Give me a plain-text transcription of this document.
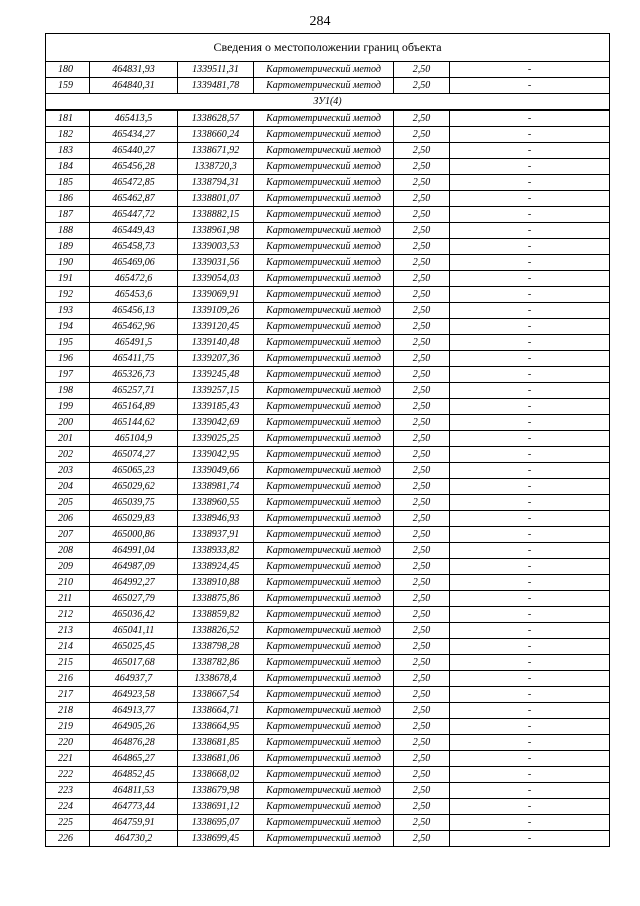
284
Сведения о местоположении границ объекта					
180	464831,93	1339511,31	Картометрический метод	2,50	-
159	464840,31	1339481,78	Картометрический метод	2,50	-
ЗУ1(4)					
181	465413,5	1338628,57	Картометрический метод	2,50	-
182	465434,27	1338660,24	Картометрический метод	2,50	-
183	465440,27	1338671,92	Картометрический метод	2,50	-
184	465456,28	1338720,3	Картометрический метод	2,50	-
185	465472,85	1338794,31	Картометрический метод	2,50	-
186	465462,87	1338801,07	Картометрический метод	2,50	-
187	465447,72	1338882,15	Картометрический метод	2,50	-
188	465449,43	1338961,98	Картометрический метод	2,50	-
189	465458,73	1339003,53	Картометрический метод	2,50	-
190	465469,06	1339031,56	Картометрический метод	2,50	-
191	465472,6	1339054,03	Картометрический метод	2,50	-
192	465453,6	1339069,91	Картометрический метод	2,50	-
193	465456,13	1339109,26	Картометрический метод	2,50	-
194	465462,96	1339120,45	Картометрический метод	2,50	-
195	465491,5	1339140,48	Картометрический метод	2,50	-
196	465411,75	1339207,36	Картометрический метод	2,50	-
197	465326,73	1339245,48	Картометрический метод	2,50	-
198	465257,71	1339257,15	Картометрический метод	2,50	-
199	465164,89	1339185,43	Картометрический метод	2,50	-
200	465144,62	1339042,69	Картометрический метод	2,50	-
201	465104,9	1339025,25	Картометрический метод	2,50	-
202	465074,27	1339042,95	Картометрический метод	2,50	-
203	465065,23	1339049,66	Картометрический метод	2,50	-
204	465029,62	1338981,74	Картометрический метод	2,50	-
205	465039,75	1338960,55	Картометрический метод	2,50	-
206	465029,83	1338946,93	Картометрический метод	2,50	-
207	465000,86	1338937,91	Картометрический метод	2,50	-
208	464991,04	1338933,82	Картометрический метод	2,50	-
209	464987,09	1338924,45	Картометрический метод	2,50	-
210	464992,27	1338910,88	Картометрический метод	2,50	-
211	465027,79	1338875,86	Картометрический метод	2,50	-
212	465036,42	1338859,82	Картометрический метод	2,50	-
213	465041,11	1338826,52	Картометрический метод	2,50	-
214	465025,45	1338798,28	Картометрический метод	2,50	-
215	465017,68	1338782,86	Картометрический метод	2,50	-
216	464937,7	1338678,4	Картометрический метод	2,50	-
217	464923,58	1338667,54	Картометрический метод	2,50	-
218	464913,77	1338664,71	Картометрический метод	2,50	-
219	464905,26	1338664,95	Картометрический метод	2,50	-
220	464876,28	1338681,85	Картометрический метод	2,50	-
221	464865,27	1338681,06	Картометрический метод	2,50	-
222	464852,45	1338668,02	Картометрический метод	2,50	-
223	464811,53	1338679,98	Картометрический метод	2,50	-
224	464773,44	1338691,12	Картометрический метод	2,50	-
225	464759,91	1338695,07	Картометрический метод	2,50	-
226	464730,2	1338699,45	Картометрический метод	2,50	-
